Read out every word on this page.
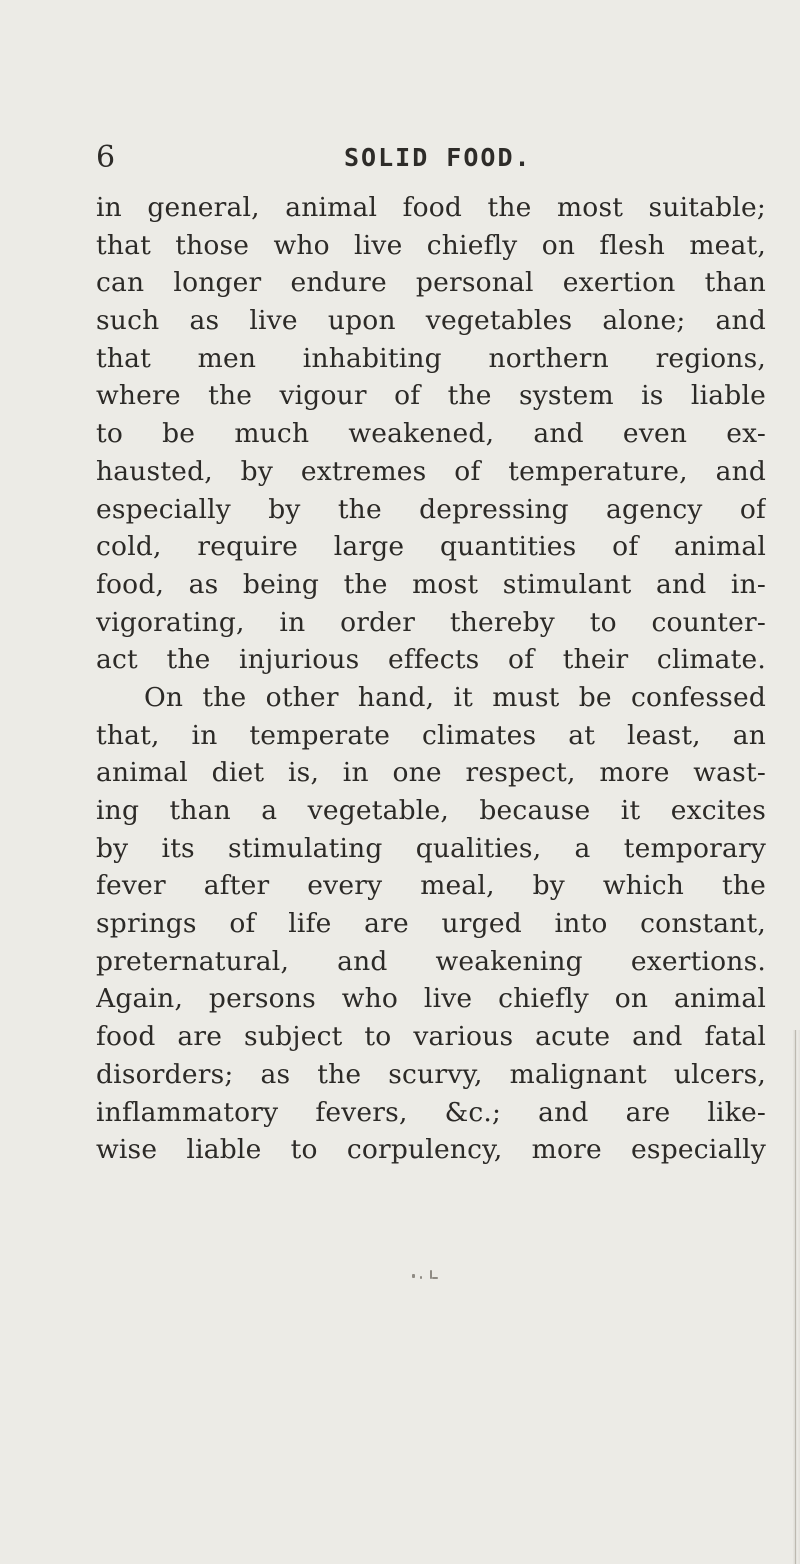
6	SOLID FOOD.
in general, animal food the most suitable;
that those who live chiefly on flesh meat,
can longer endure personal exertion than
such as live upon vegetables alone; and
that men inhabiting northern regions,
where the vigour of the system is liable
to be much weakened, and even ex-
hausted, by extremes of temperature, and
especially by the depressing agency of
cold, require large quantities of animal
food, as being the most stimulant and in-
vigorating, in order thereby to counter-
act the injurious effects of their climate.
On the other hand, it must be confessed
that, in temperate climates at least, an
animal diet is, in one respect, more wast-
ing than a vegetable, because it excites
by its stimulating qualities, a temporary
fever after every meal, by which the
springs of life are urged into constant,
preternatural, and weakening exertions.
Again, persons who live chiefly on animal
food are subject to various acute and fatal
disorders; as the scurvy, malignant ulcers,
inflammatory fevers, &c.; and are like-
wise liable to corpulency, more especially
